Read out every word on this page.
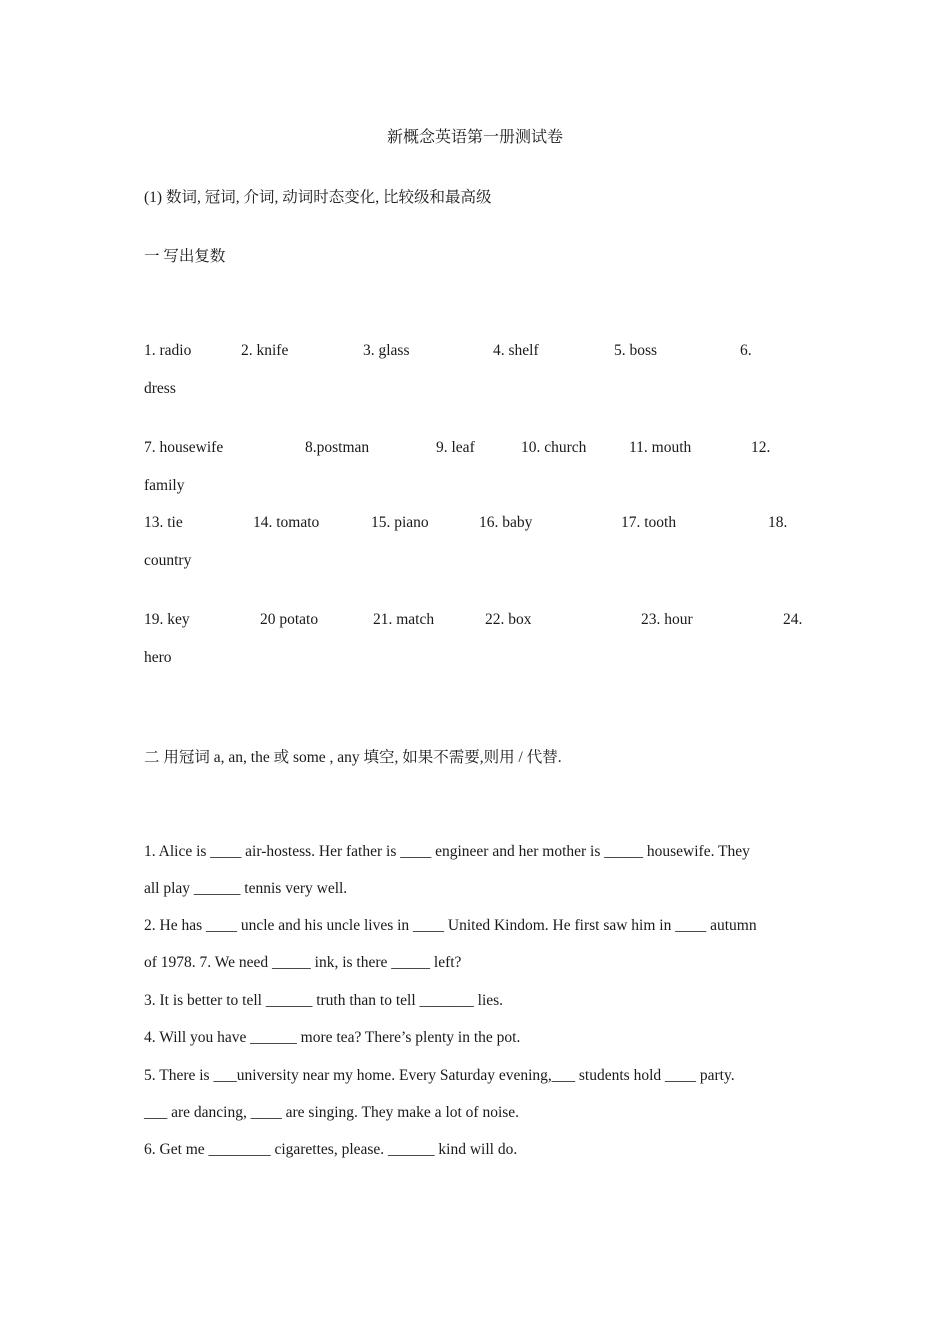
新概念英语第一册测试卷
(1) 数词, 冠词, 介词, 动词时态变化, 比较级和最高级
一 写出复数
1. radio	2. knife	3. glass	4. shelf	5. boss	6.
dress
7. housewife	8.postman	9. leaf	10. church	11. mouth	12.
family
13. tie	14. tomato	15. piano	16. baby	17. tooth	18.
country
19. key	20 potato	21. match	22. box	23. hour	24.
hero
二 用冠词 a, an, the 或 some , any 填空, 如果不需要,则用 / 代替.
1. Alice is ____ air-hostess. Her father is ____ engineer and her mother is _____ housewife. They
all play ______ tennis very well.
2. He has ____ uncle and his uncle lives in ____ United Kindom. He first saw him in ____ autumn
of 1978. 7. We need _____ ink, is there _____ left?
3. It is better to tell ______ truth than to tell _______ lies.
4. Will you have ______ more tea? There’s plenty in the pot.
5. There is ___university near my home. Every Saturday evening,___ students hold ____ party.
___ are dancing, ____ are singing. They make a lot of noise.
6. Get me ________ cigarettes, please. ______ kind will do.
